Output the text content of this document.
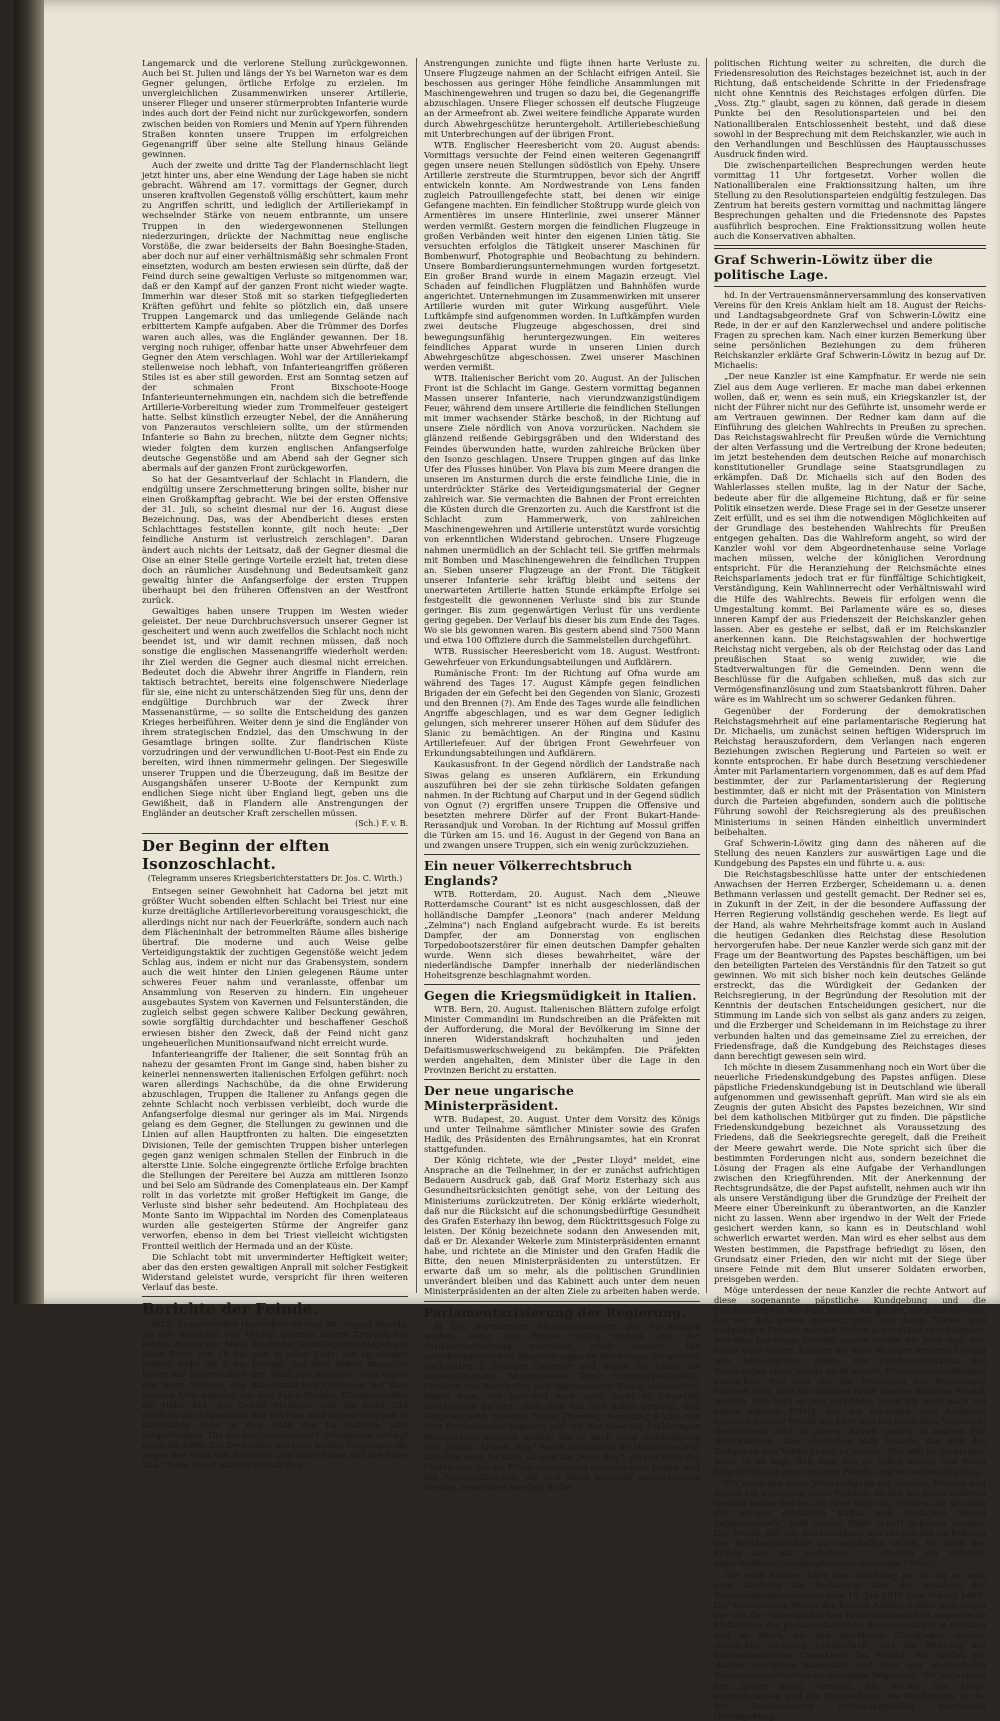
Langemarck und die verlorene Stellung zurückgewonnen. Auch bei St. Julien und längs der Ys bei Warneton war es dem Gegner gelungen, örtliche Erfolge zu erzielen. Im unvergleichlichen Zusammenwirken unserer Artillerie, unserer Flieger und unserer stürmerprobten Infanterie wurde indes auch dort der Feind nicht nur zurückgeworfen, sondern zwischen beiden von Romiers und Menin auf Ypern führenden Straßen konnten unsere Truppen im erfolgreichen Gegenangriff über seine alte Stellung hinaus Gelände gewinnen.

Auch der zweite und dritte Tag der Flandernschlacht liegt jetzt hinter uns, aber eine Wendung der Lage haben sie nicht gebracht. Während am 17. vormittags der Gegner, durch unseren kraftvollen Gegenstoß völlig erschüttert, kaum mehr zu Angriffen schritt, und lediglich der Artilleriekampf in wechselnder Stärke von neuem entbrannte, um unsere Truppen in den wiedergewonnenen Stellungen niederzuringen, drückte der Nachmittag neue englische Vorstöße, die zwar beiderseits der Bahn Boesinghe-Staden, aber doch nur auf einer verhältnismäßig sehr schmalen Front einsetzten, wodurch am besten erwiesen sein dürfte, daß der Feind durch seine gewaltigen Verluste so mitgenommen war, daß er den Kampf auf der ganzen Front nicht wieder wagte. Immerhin war dieser Stoß mit so starken tiefgegliederten Kräften geführt und fehlte so plötzlich ein, daß unsere Truppen Langemarck und das umliegende Gelände nach erbittertem Kampfe aufgaben. Aber die Trümmer des Dorfes waren auch alles, was die Engländer gewannen. Der 18. verging noch ruhiger, offenbar hatte unser Abwehrfeuer dem Gegner den Atem verschlagen. Wohl war der Artilleriekampf stellenweise noch lebhaft, von Infanterieangriffen größeren Stiles ist es aber still geworden. Erst am Sonntag setzen auf der schmalen Front Bixschoote-Hooge Infanterieunternehmungen ein, nachdem sich die betreffende Artillerie-Vorbereitung wieder zum Trommelfeuer gesteigert hatte. Selbst künstlich erzeugter Nebel, der die Annäherung von Panzerautos verschleiern sollte, um der stürmenden Infanterie so Bahn zu brechen, nützte dem Gegner nichts; wieder folgten dem kurzen englischen Anfangserfolge deutsche Gegenstöße und am Abend sah der Gegner sich abermals auf der ganzen Front zurückgeworfen.

So hat der Gesamtverlauf der Schlacht in Flandern, die endgültig unsere Zerschmetterung bringen sollte, bisher nur einen Großkampftag gebracht. Wie bei der ersten Offensive der 31. Juli, so scheint diesmal nur der 16. August diese Bezeichnung. Das, was der Abendbericht dieses ersten Schlachttages feststellen konnte, gilt noch heute: „Der feindliche Ansturm ist verlustreich zerschlagen". Daran ändert auch nichts der Leitsatz, daß der Gegner diesmal die Oise an einer Stelle geringe Vorteile erzielt hat, treten diese doch an räumlicher Ausdehnung und Bedeutsamkeit ganz gewaltig hinter die Anfangserfolge der ersten Truppen überhaupt bei den früheren Offensiven an der Westfront zurück.

Gewaltiges haben unsere Truppen im Westen wieder geleistet. Der neue Durchbruchsversuch unserer Gegner ist gescheitert und wenn auch zweifellos die Schlacht noch nicht beendet ist, und wir damit rechnen müssen, daß noch sonstige die englischen Massenangriffe wiederholt werden: ihr Ziel werden die Gegner auch diesmal nicht erreichen. Bedeutet doch die Abwehr ihrer Angriffe in Flandern, rein taktisch betrachtet, bereits eine folgenschwere Niederlage für sie, eine nicht zu unterschätzenden Sieg für uns, denn der endgültige Durchbruch war der Zweck ihrer Massenanstürme, — so sollte die Entscheidung des ganzen Krieges herbeiführen. Weiter denn je sind die Engländer von ihrem strategischen Endziel, das den Umschwung in der Gesamtlage bringen sollte. Zur flandrischen Küste vorzudringen und der verwundlichen U-Boot-Pest ein Ende zu bereiten, wird ihnen nimmermehr gelingen. Der Siegeswille unserer Truppen und die Überzeugung, daß im Besitze der Ausgangshäfen unserer U-Boote der Kernpunkt zum endlichen Siege nicht über England liegt, geben uns die Gewißheit, daß in Flandern alle Anstrengungen der Engländer an deutscher Kraft zerschellen müssen.

(Sch.) F. v. B.
Der Beginn der elften Isonzoschlacht.
(Telegramm unseres Kriegsberichterstatters Dr. Jos. C. Wirth.)

Entsegen seiner Gewohnheit hat Cadorna bei jetzt mit größter Wucht sobenden elften Schlacht bei Triest nur eine kurze dreitägliche Artillerievorbereitung vorausgeschickt, die allerdings nicht nur nach der Feuerkräfte, sondern auch nach dem Flächeninhalt der betrommelten Räume alles bisherige übertraf. Die moderne und auch Weise gelbe Verteidigungstaktik der zuchtigen Gegenstöße weicht jedem Schlag aus, indem er nicht nur das Grabensystem, sondern auch die weit hinter den Linien gelegenen Räume unter schweres Feuer nahm und veranlasste, offenbar um Ansammlung von Reserven zu hindern. Ein ungeheuer ausgebautes System von Kavernen und Felsunterständen, die zugleich selbst gegen schwere Kaliber Deckung gewähren, sowie sorgfältig durchdachter und beschaffener Geschoß erwiesen bisher den Zweck, daß der Feind nicht ganz ungeheuerlichen Munitionsaufwand nicht erreicht wurde.

Infanterieangriffe der Italiener, die seit Sonntag früh an nahezu der gesamten Front im Gange sind, haben bisher zu keinerlei nennenswerten italienischen Erfolgen geführt: noch waren allerdings Nachschübe, da die ohne Erwiderung abzuschlagen, Truppen die Italiener zu Anfangs gegen die zehnte Schlacht noch verbissen verbleibt, doch wurde die Anfangserfolge diesmal nur geringer als im Mai. Nirgends gelang es dem Gegner, die Stellungen zu gewinnen und die Linien auf allen Hauptfronten zu halten. Die eingesetzten Divisionen, Teile der gemischten Truppen bisher unterlegen gegen ganz wenigen schmalen Stellen der Einbruch in die alterstte Linie. Solche eingegrenzte örtliche Erfolge brachten die Stellungen der Pereitere bei Auzza am mittleren Isonzo und bei Selo am Südrande des Comenplateaus ein. Der Kampf rollt in das vorletzte mit großer Heftigkeit im Gange, die Verluste sind bisher sehr bedeutend. Am Hochplateau des Monte Santo im Wippachtal im Norden des Comenplateaus wurden alle gesteigerten Stürme der Angreifer ganz verworfen, ebenso in dem bei Triest vielleicht wichtigsten Frontteil weitlich der Hermada und an der Küste.

Die Schlacht tobt mit unverminderter Heftigkeit weiter; aber das den ersten gewaltigen Anprall mit solcher Festigkeit Widerstand geleistet wurde, verspricht für ihren weiteren Verlauf das beste.

Berichte der Feinde.

WTB. Französischer Heeresbericht vom 20. August abends. An der Nordfront von Verdun nahmen unsere Truppen auf beiden Seiten der Maas feindliche Verteidigungsanlagen auf einer Front von 18 km und in einer Tiefe, die an einigen Stellen mehr als 2 km beträgt. Auf dem linken Maasufer haben wir insbesondere den Wald von Avocourt, zwei Gipfel des Toten Mannes, den Rabenwald und Cumieres. Auf dem rechten Ufer nahmen wir den Talou-Rücken, Champneuville, die Höhe 344, das Gehöft Mormont und die Höhe 240 nördlich von Louvemont. Für Rechten sind unsere Truppen in Gehdistanz ohne in den Wald von La Cabume weit vorgedrungen. Die bis her unvermindert gefangenen beträgt mehr als 4000. Die Deutschen machten heftige Gegenangriffe gegen den Wald von Avocourt, den Toten Mann und die Höhe 344. Unser Feuer machte überall ihre

Anstrengungen zunichte und fügte ihnen harte Verluste zu. Unsere Flugzeuge nahmen an der Schlacht eifrigen Anteil. Sie beschossen aus geringer Höhe feindliche Ansammlungen mit Maschinengewehren und trugen so dazu bei, die Gegenangriffe abzuschlagen. Unsere Flieger schossen elf deutsche Flugzeuge an der Armeefront ab. Zwei weitere feindliche Apparate wurden durch Abwehrgeschütze heruntergeholt. Artilleriebeschießung mit Unterbrechungen auf der übrigen Front.

WTB. Englischer Heeresbericht vom 20. August abends: Vormittags versuchte der Feind einen weiteren Gegenangriff gegen unsere neuen Stellungen südöstlich von Epehy. Unsere Artillerie zerstreute die Sturmtruppen, bevor sich der Angriff entwickeln konnte. Am Nordwestrande von Lens fanden zugleich Patrouillengefechte statt, bei denen wir einige Gefangene machten. Ein feindlicher Stoßtrupp wurde gleich von Armentières im unsere Hinterlinie, zwei unserer Männer werden vermißt. Gestern morgen die feindlichen Flugzeuge in großen Verbänden weit hinter den eigenen Linien tätig. Sie versuchten erfolglos die Tätigkeit unserer Maschinen für Bombenwurf, Photographie und Beobachtung zu behindern. Unsere Bombardierungsunternehmungen wurden fortgesetzt. Ein großer Brand wurde in einem Magazin erzeugt. Viel Schaden auf feindlichen Flugplätzen und Bahnhöfen wurde angerichtet. Unternehmungen im Zusammenwirken mit unserer Artillerie wurden mit guter Wirkung ausgeführt. Viele Luftkämpfe sind aufgenommen worden. In Luftkämpfen wurden zwei deutsche Flugzeuge abgeschossen, drei sind bewegungsunfähig heruntergezwungen. Ein weiteres feindliches Apparat wurde in unseren Linien durch Abwehrgeschütze abgeschossen. Zwei unserer Maschinen werden vermißt.

WTB. Italienischer Bericht vom 20. August. An der Julischen Front ist die Schlacht im Gange. Gestern vormittag begannen Massen unserer Infanterie, nach vierundzwanzigstündigem Feuer, während dem unsere Artillerie die feindlichen Stellungen mit immer wachsender Stärke beschoß, in der Richtung auf unsere Ziele nördlich von Anova vorzurücken. Nachdem sie glänzend reißende Gebirgsgräben und den Widerstand des Feindes überwunden hatte, wurden zahlreiche Brücken über den Isonzo geschlagen. Unsere Truppen gingen auf das linke Ufer des Flusses hinüber. Von Plava bis zum Meere drangen die unseren im Ansturmen durch die erste feindliche Linie, die in unterdrückter Stärke des Verteidigungsmaterial der Gegner zahlreich war. Sie vermachten die Bahnen der Front erreichten die Küsten durch die Grenzorten zu. Auch die Karstfront ist die Schlacht zum Hammerwerk, von zahlreichen Maschinengewehren und Artillerie unterstützt wurde vorsichtig von erkenntlichen Widerstand gebrochen. Unsere Flugzeuge nahmen unermüdlich an der Schlacht teil. Sie griffen mehrmals mit Bomben und Maschinengewehren die feindlichen Truppen an. Sieben unserer Flugzeuge an der Front. Die Tätigkeit unserer Infanterie sehr kräftig bleibt und seitens der unerwarteten Artillerie hatten Stunde erkämpfte Erfolge sei festgestellt die gewonnenen Verluste sind bis zur Stunde geringer. Bis zum gegenwärtigen Verlust für uns verdiente gering gegeben. Der Verlauf bis dieser bis zum Ende des Tages. Wo sie bis gewonnen waren. Bis gestern abend sind 7500 Mann und etwa 100 Offiziere durch die Sammelstellen durchgeführt.

WTB. Russischer Heeresbericht vom 18. August. Westfront: Gewehrfeuer von Erkundungsabteilungen und Aufklärern.

Rumänische Front: Im der Richtung auf Ofna wurde am während des Tages 17. August Kämpfe gegen feindlichen Brigaden der ein Gefecht bei den Gegenden von Slanic, Grozesti und den Brennen (?). Am Ende des Tages wurde alle feindlichen Angriffe abgeschlagen, und es war dem Gegner lediglich gelungen, sich mehrerer unserer Höhen auf dem Südufer des Slanic zu bemächtigen. An der Ringina und Kasinu Artilleriefeuer. Auf der übrigen Front Gewehrfeuer von Erkundungsabteilungen und Aufklärern.

Kaukasusfront. In der Gegend nördlich der Landstraße nach Siwas gelang es unseren Aufklärern, ein Erkundung auszuführen bei der sie zehn türkische Soldaten gefangen nahmen. In der Richtung auf Charput und in der Gegend südlich von Ognut (?) ergriffen unsere Truppen die Offensive und besetzten mehrere Dörfer auf der Front Bukart-Hande-Rerasandjuk und Voroban. In der Richtung auf Mossul griffen die Türken am 15. und 16. August in der Gegend von Bana an und zwangen unsere Truppen, sich ein wenig zurückzuziehen.

Ein neuer Völkerrechtsbruch Englands?

WTB. Rotterdam, 20. August. Nach dem „Nieuwe Rotterdamsche Courant" ist es nicht ausgeschlossen, daß der holländische Dampfer „Leonora" (nach anderer Meldung „Zelmina") nach England aufgebracht wurde. Es ist bereits Dampfer, der am Donnerstag von englischen Torpedobootszerstörer für einen deutschen Dampfer gehalten wurde. Wenn sich dieses bewahrheitet, wäre der niederländische Dampfer innerhalb der niederländischen Hoheitsgrenze beschlagnahmt worden.

Gegen die Kriegsmüdigkeit in Italien.

WTB. Bern, 20. August. Italienischen Blättern zufolge erfolgt Minister Commandini im Rundschreiben an die Präfekten mit der Aufforderung, die Moral der Bevölkerung im Sinne der inneren Widerstandskraft hochzuhalten und jeden Defaitismuswerkschweigend zu bekämpfen. Die Präfekten werden angehalten, dem Minister über die Lage in den Provinzen Bericht zu erstatten.

Der neue ungarische Ministerpräsident.

WTB. Budapest, 20. August. Unter dem Vorsitz des Königs und unter Teilnahme sämtlicher Minister sowie des Grafen Hadik, des Präsidenten des Ernährungsamtes, hat ein Kronrat stattgefunden.

Der König richtete, wie der „Pester Lloyd" meldet, eine Ansprache an die Teilnehmer, in der er zunächst aufrichtigen Bedauern Ausdruck gab, daß Graf Moriz Esterhazy sich aus Gesundheitsrücksichten genötigt sehe, von der Leitung des Ministeriums zurückzutreten. Der König erklärte wiederholt, daß nur die Rücksicht auf die schonungsbedürftige Gesundheit des Grafen Esterhazy ihn bewog, dem Rücktrittsgesuch Folge zu leisten. Der König bezeichnete sodann den Anwesenden mit, daß er Dr. Alexander Wekerle zum Ministerpräsidenten ernannt habe, und richtete an die Minister und den Grafen Hadik die Bitte, den neuen Ministerpräsidenten zu unterstützen. Er erwarte daß um so mehr, als die politischen Grundlinien unverändert bleiben und das Kabinett auch unter dem neuen Ministerpräsidenten an der alten Ziele zu arbeiten haben werde.

Parlamentarisierung der Regierung.

§§ Die sogenannten Mehrheitsparteien des Reichstages wollen, wenn wie Presse richtig meldet, mit der Parlamentarisierung energisch ernst machen. Die zwischenparteilichen Besprechungen im Reichstage, die gestern nachmittag 2 Stunden dauerten und denen als Gäste die nationalliberalen Abgeordneten Prinz Schönaich-Carolath, Freiherr von Richthofen und Abgeordneter Zunck beiwohnten, haben zwar, wie berichtet wird, noch nicht zu formellen Beschlüssen geführt, aber man hat sich dahin geeinigt, daß Vertreter jeder Fraktion heute, Dienstag, vormittag 9 Uhr sich zum Reichskanzler begeben und mit ihm über die Erklärungen Rücksprache nehmen wollen, die er nach einer Ankündigung der „Nordd. Allgem. Ztg." heute nachmittag im Hauptausschuß abgeben wird. Es kann, so sagt die „Voss. Ztg.", als der Wille der Fraktionen, die die Friedensresolution unterzeichnet haben, und der Nationalliberalen, die sich ihnen nunmehr angeschlossen werden, bezeichnet werden, in der

politischen Richtung weiter zu schreiten, die durch die Friedensresolution des Reichstages bezeichnet ist, auch in der Richtung, daß entscheidende Schritte in der Friedensfrage nicht ohne Kenntnis des Reichstages erfolgen dürfen. Die „Voss. Ztg." glaubt, sagen zu können, daß gerade in diesem Punkte bei den Resolutionsparteien und bei den Nationalliberalen Entschlossenheit besteht, und daß diese sowohl in der Besprechung mit dem Reichskanzler, wie auch in den Verhandlungen und Beschlüssen des Hauptausschusses Ausdruck finden wird.

Die zwischenparteilichen Besprechungen werden heute vormittag 11 Uhr fortgesetzt. Vorher wollen die Nationalliberalen eine Fraktionssitzung halten, um ihre Stellung zu den Resolutionsparteien endgültig festzulegen. Das Zentrum hat bereits gestern vormittag und nachmittag längere Besprechungen gehalten und die Friedensnote des Papstes ausführlich besprochen. Eine Fraktionssitzung wollen heute auch die Konservativen abhalten.

Graf Schwerin-Löwitz über die politische Lage.

hd. In der Vertrauensmännerversammlung des konservativen Vereins für den Kreis Anklam hielt am 18. August der Reichs- und Landtagsabgeordnete Graf von Schwerin-Löwitz eine Rede, in der er auf den Kanzlerwechsel und andere politische Fragen zu sprechen kam. Nach einer kurzen Bemerkung über seine persönlichen Beziehungen zu dem früheren Reichskanzler erklärte Graf Schwerin-Löwitz in bezug auf Dr. Michaelis:

„Der neue Kanzler ist eine Kampfnatur. Er werde nie sein Ziel aus dem Auge verlieren. Er mache man dabei erkennen wollen, daß er, wenn es sein muß, ein Kriegskanzler ist, der nicht der Führer nicht nur des Geführte ist, unsomehr werde er am Vertrauen gewinnen. Der Redner kam dann auf die Einführung des gleichen Wahlrechts in Preußen zu sprechen. Das Reichstagswahlrecht für Preußen würde die Vernichtung der alten Verfassung und die Vertreibung der Krone bedeuten; im jetzt bestehenden dem deutschen Reiche auf monarchisch konstitutioneller Grundlage seine Staatsgrundlagen zu erkämpfen. Daß Dr. Michaelis sich auf den Boden des Wahlerlasses stellen mußte, lag in der Natur der Sache, bedeute aber für die allgemeine Richtung, daß er für seine Politik einsetzen werde. Diese Frage sei in der Gesetze unserer Zeit erfüllt, und es sei ihm die notwendigen Möglichkeiten auf der Grundlage des bestehenden Wahlrechts für Preußen entgegen gehalten. Das die Wahlreform angeht, so wird der Kanzler wohl vor dem Abgeordnetenhause seine Vorlage machen müssen, welche der königlichen Verordnung entspricht. Für die Heranziehung der Reichsmächte eines Reichsparlaments jedoch trat er für fünffältige Schichtigkeit, Verständigung, Kein Wahlinnerrecht oder Verhältniswahl wird die Hilfe des Wahlrechts. Beweis für erfolgen wenn die Umgestaltung kommt. Bei Parlamente wäre es so, dieses inneren Kampf der aus Friedenszeit der Reichskanzler gehen lassen. Aber es gestehe er selbst, daß er im Reichskanzler anerkennen kann. Die Reichstagswahlen der hochwertige Reichstag nicht vergeben, als ob der Reichstag oder das Land preußischen Staat so wenig zuwider, wie die Stadtverwaltungen für die Gemeinden. Denn wenn die Beschlüsse für die Aufgaben schließen, muß das sich zur Vermögensfinanzlösung und zum Staatsbankrott führen. Daher wäre es im Wahlrecht um so schwerer Gedanken führen.

Gegenüber der Forderung der demokratischen Reichstagsmehrheit auf eine parlamentarische Regierung hat Dr. Michaelis, um zunächst seinen heftigen Widerspruch im Reichstag herauszufordern, dem Verlangen nach engeren Beziehungen zwischen Regierung und Parteien so weit er konnte entsprochen. Er habe durch Besetzung verschiedener Ämter mit Parlamentariern vorgenommen, daß es auf dem Pfad bestimmter, der zur Parlamentarisierung der Regierung bestimmter, daß er nicht mit der Präsentation von Ministern durch die Parteien abgefunden, sondern auch die politische Führung sowohl der Reichsregierung als des preußischen Ministeriums in seinen Händen einheitlich unvermindert beibehalten.

Graf Schwerin-Löwitz ging dann des näheren auf die Stellung des neuen Kanzlers zur auswärtigen Lage und die Kundgebung des Papstes ein und führte u. a. aus:

Die Reichstagsbeschlüsse hatte unter der entschiedenen Anwachsen der Herren Erzberger, Scheidemann u. a. denen Bethmann verlassen und gestellt gemacht. Der Redner sei es, in Zukunft in der Zeit, in der die besondere Auffassung der Herren Regierung vollständig geschehen werde. Es liegt auf der Hand, als wahre Mehrheitsfrage kommt auch in Ausland die heutigen Gedanken dies Reichstag diese Resolution hervorgerufen habe. Der neue Kanzler werde sich ganz mit der Frage um der Beantwortung des Papstes beschäftigen, um bei den beteiligten Parteien des Verständnis für den Tatzeit so gut gewinnen. Wo mit sich bisher noch kein deutsches Gelände erstreckt, das die Würdigkeit der Gedanken der Reichsregierung, in der Begründung der Resolution mit der Kenntnis der deutschen Entscheidungen gesichert, nur die Stimmung im Lande sich von selbst als ganz anders zu zeigen, und die Erzberger und Scheidemann in im Reichstage zu ihrer verbunden halten und das gemeinsame Ziel zu erreichen, der Friedensfrage, daß die Kundgebung des Reichstages dieses dann berechtigt gewesen sein wird.

Ich möchte in diesem Zusammenhang noch ein Wort über die neuerliche Friedenskundgebung des Papstes anfügen. Diese päpstliche Friedenskundgebung ist in Deutschland wie überall aufgenommen und gewissenhaft geprüft. Man wird sie als ein Zeugnis der guten Absicht des Papstes bezeichnen, Wir sind bei dem katholischen Mitbürger gut zu finden. Die päpstliche Friedenskundgebung bezeichnet als Voraussetzung des Friedens, daß die Seekriegsrechte geregelt, daß die Freiheit der Meere gewahrt werde. Die Note spricht sich über die bestimmten Forderungen nicht aus, sondern bezeichnet die Lösung der Fragen als eine Aufgabe der Verhandlungen zwischen den Kriegführenden. Mit der Anerkennung der Rechtsgrundsätze, die der Papst aufstellt, nehmen auch wir ihn als unsere Verständigung über die Grundzüge der Freiheit der Meere einer Übereinkunft zu überantworten, an die Kanzler nicht zu lassen. Wenn aber irgendwo in der Welt der Friede gesichert werden kann, so kann es in Deutschland wohl schwerlich erwartet werden. Man wird es eher selbst aus dem Westen bestimmen, die Papstfrage befriedigt zu lösen, den Grundsatz einer Frieden, den wir nicht mit der Siege über unsere Feinde mit dem Blut unserer Soldaten erworben, preisgeben werden.

Möge unterdessen der neue Kanzler die rechte Antwort auf diese sogenannte päpstliche Kundgebung und die Friedensfrage in der Welt finden. Ich glaube, auch die Antwort, die wir ihm geben müssen, muß uns dahin führen, den endgültigen Frieden mit den Waffen in der Hand zu erkämpfen. Wie aber bei einem Frieden unsere Feinde wie jetzt sind, Wir, heute wird unsere Kanzler die Welt zu einer anderen Lösung sich herbeigeführt sehen. Die Friedensresolution des Reichstages allein werde nicht unsere Friedensverhandlungen aussuchen. Was sich aus der Resolution des Reichstages ergeben wird, muß uns mit dem Blute unserer Soldaten erkauft werden. Wer wird es uns verzeihen, wenn wir nicht auch bei einem eigenen Erfolg, den wir errungen, zum Ausbruch kommen wollen? Friede mit Ehre und ein friedvolles Vaterland! Deutschland wird in diesem Kriege siegen, in keinem Fall zurückkehren, aber deutsches Volk braucht das Ziel des Krieges in den Vordergrund zu stellen. Wer will er beurteilen, wenn er es sagt, daß man ihm so vollen Kaiser und Reich folgen? Dies ist einer unserer Feinde, und wir wollen den Sieg.

Wir brauchen keine Verständigung mit unseren Feinden und darum am wenigsten einen Frieden, an den wir einen sicheren Gewinn haben werden. In einer Welt von Feinden der so völlig der jenigen deutschen Kultur und deutschen Wesen gegenübersteht, muß unsere Waffe scharf gehalten werden. Der Friede, der uns den Grundsatz des Vergleiches im Rahmen der Rechtsgrundsätze zu verschaffen strebt, ist nicht der Friede den wir erstreben, — sondern ein sicherer, unzerstörbarer, wohlgegründeter deutscher Friede!

Der neue Kanzler habe dem Reichstag an, in der es nach dem Ausdruck des Bedauerns über die Annahme der Verständigungsresolution vom 19. Juli 1917 zum Schluß heißt: Der Konservative Verein des Kreises Anklam erklärt sich gegen die von der augenblicklichen Reichstagsmehrheit angestrebte Einführung der parlamentarischen Regierungsform in Preußen und im Reich, die den bewährten Grundlagen unserer staatlichen Ordnung zuwiderläuft, und die Wahrung des bundesstaatlichen Charakters des Reichs. Wir wollen ein starkes deutsches Kaisertum und eine von wechselnden Parlamentsmehrheiten unabhängige Regierung. Wir verwahren uns gegen jeden Versuch, die Rechte der Krone einzuschränken und die Einmischung des Reichstages in die der Bundesstaaten verfassungsmäßig zustehende Gesetzgebung.
